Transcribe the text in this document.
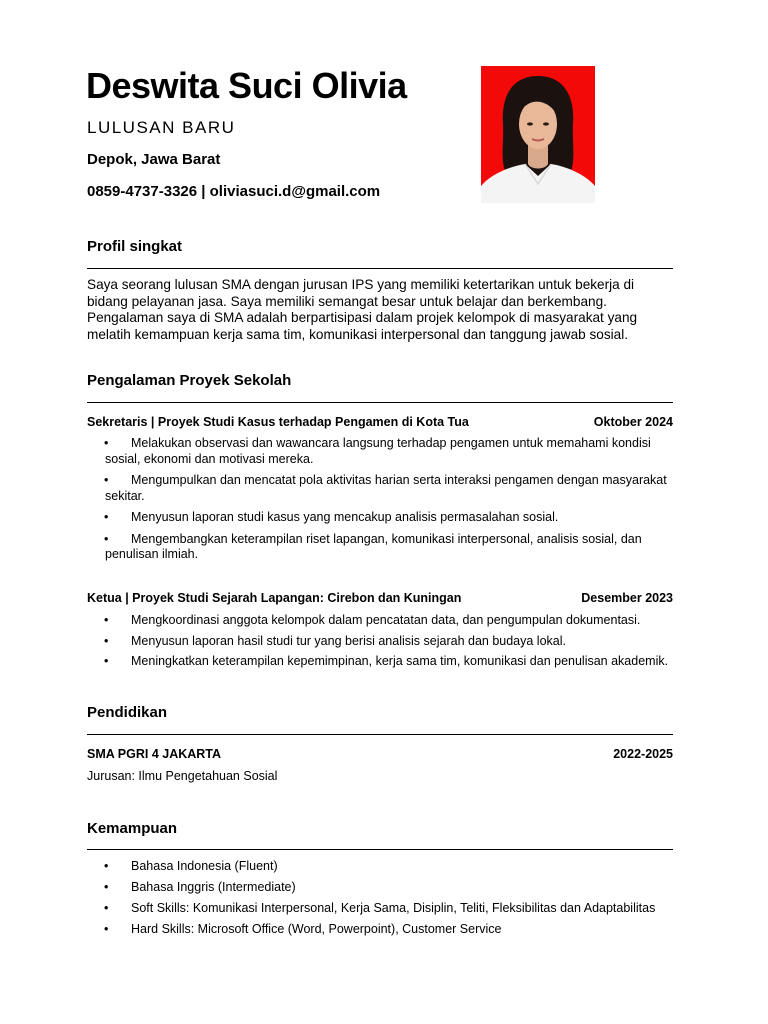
Deswita Suci Olivia
LULUSAN BARU
Depok, Jawa Barat
0859-4737-3326 | oliviasuci.d@gmail.com
Profil singkat
Saya seorang lulusan SMA dengan jurusan IPS yang memiliki ketertarikan untuk bekerja di bidang pelayanan jasa. Saya memiliki semangat besar untuk belajar dan berkembang. Pengalaman saya di SMA adalah berpartisipasi dalam projek kelompok di masyarakat yang melatih kemampuan kerja sama tim, komunikasi interpersonal dan tanggung jawab sosial.
Pengalaman Proyek Sekolah
Sekretaris | Proyek Studi Kasus terhadap Pengamen di Kota Tua	Oktober 2024
• Melakukan observasi dan wawancara langsung terhadap pengamen untuk memahami kondisi sosial, ekonomi dan motivasi mereka.
• Mengumpulkan dan mencatat pola aktivitas harian serta interaksi pengamen dengan masyarakat sekitar.
• Menyusun laporan studi kasus yang mencakup analisis permasalahan sosial.
• Mengembangkan keterampilan riset lapangan, komunikasi interpersonal, analisis sosial, dan penulisan ilmiah.
Ketua | Proyek Studi Sejarah Lapangan: Cirebon dan Kuningan	Desember 2023
• Mengkoordinasi anggota kelompok dalam pencatatan data, dan pengumpulan dokumentasi.
• Menyusun laporan hasil studi tur yang berisi analisis sejarah dan budaya lokal.
• Meningkatkan keterampilan kepemimpinan, kerja sama tim, komunikasi dan penulisan akademik.
Pendidikan
SMA PGRI 4 JAKARTA	2022-2025
Jurusan: Ilmu Pengetahuan Sosial
Kemampuan
• Bahasa Indonesia (Fluent)
• Bahasa Inggris (Intermediate)
• Soft Skills: Komunikasi Interpersonal, Kerja Sama, Disiplin, Teliti, Fleksibilitas dan Adaptabilitas
• Hard Skills: Microsoft Office (Word, Powerpoint), Customer Service
